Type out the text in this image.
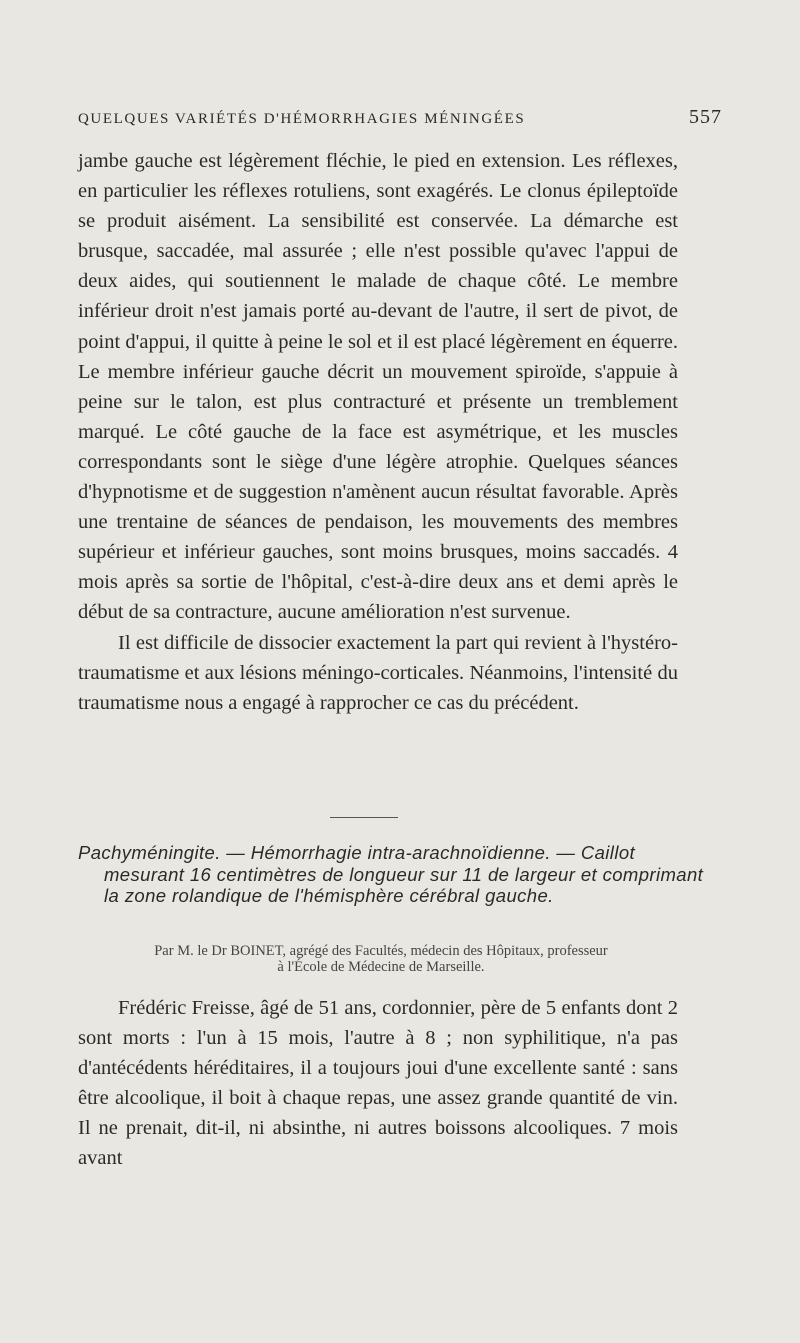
QUELQUES VARIÉTÉS D'HÉMORRHAGIES MÉNINGÉES	557

jambe gauche est légèrement fléchie, le pied en extension. Les réflexes, en particulier les réflexes rotuliens, sont exagérés. Le clonus épileptoïde se produit aisément. La sensibilité est conservée. La démarche est brusque, saccadée, mal assurée ; elle n'est possible qu'avec l'appui de deux aides, qui soutiennent le malade de chaque côté. Le membre inférieur droit n'est jamais porté au-devant de l'autre, il sert de pivot, de point d'appui, il quitte à peine le sol et il est placé légèrement en équerre. Le membre inférieur gauche décrit un mouvement spiroïde, s'appuie à peine sur le talon, est plus contracturé et présente un tremblement marqué. Le côté gauche de la face est asymétrique, et les muscles correspondants sont le siège d'une légère atrophie. Quelques séances d'hypnotisme et de suggestion n'amènent aucun résultat favorable. Après une trentaine de séances de pendaison, les mouvements des membres supérieur et inférieur gauches, sont moins brusques, moins saccadés. 4 mois après sa sortie de l'hôpital, c'est-à-dire deux ans et demi après le début de sa contracture, aucune amélioration n'est survenue.

Il est difficile de dissocier exactement la part qui revient à l'hystéro-traumatisme et aux lésions méningo-corticales. Néanmoins, l'intensité du traumatisme nous a engagé à rapprocher ce cas du précédent.

Pachyméningite. — Hémorrhagie intra-arachnoïdienne. — Caillot mesurant 16 centimètres de longueur sur 11 de largeur et comprimant la zone rolandique de l'hémisphère cérébral gauche.
Par M. le Dr BOINET, agrégé des Facultés, médecin des Hôpitaux, professeur
à l'École de Médecine de Marseille.

Frédéric Freisse, âgé de 51 ans, cordonnier, père de 5 enfants dont 2 sont morts : l'un à 15 mois, l'autre à 8 ; non syphilitique, n'a pas d'antécédents héréditaires, il a toujours joui d'une excellente santé : sans être alcoolique, il boit à chaque repas, une assez grande quantité de vin. Il ne prenait, dit-il, ni absinthe, ni autres boissons alcooliques. 7 mois avant
